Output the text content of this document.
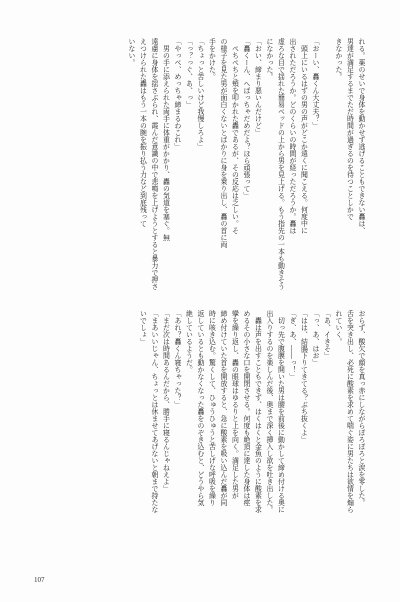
れる。薬のせいで身体を動かせず逃げることもできない轟は、
男達が満足するまでただ時間が過ぎるのを待つことしかで
きなかった。

「おーい、轟くん大丈夫？」
　頭上にいるはずの男の声がどこか遠くに聞こえる。何度中に
出されただろうか。どのくらいの時間が経っただろうか。轟は
虚ろな目で揺れた簡易ベッドの上から男を見上げる。もう指先の一本も動きそう
になかった。
「おい、締まり悪いんだけど」
「轟くーん、へばっちゃだめだよ？ほら頑張って」
　ぺちぺちと頬を叩かれた轟であるが、その反応は乏しい。そ
の様子を見た男が面白くないとばかりに身を乗り出し、轟の首に両
手をかけた。
「ちょっと苦しいけど我慢しろよ」
「っ？っぐ、あ、っ」
「やっべ、めっちゃ締まるわこれ」
　男の手に添えられた両手に体重がかかり、轟の気道を塞ぐ。無
遠慮に身体を揺さぶられ、霞んだ意識の中で悲鳴を上げようとすると暴力で押さ
えつけられた轟はもう一本の腕を振り払う力など到底残って
いない。
おらず、酸欠で顔を真っ赤にしながらぼろぼろと涙を零した。
舌を突き出し、必死に酸素を求めて喘ぐ姿に男たちは欲情を煽ら
れていく。
「あ、イきそ」
「っ、あ、はお」
「はは、結腸下りてきてる？ぶち抜くよ」
「ぎ、あ、――っ！」
　切っ先で腹膜を開いた男は腰を前後に動かして締め付ける奥に
出入りするのを楽しんだ後、奥まで深く挿入し欲を吐き出した。
　轟は声を出すこともできず、はくはくと金魚のように酸素を求
めるその小さな口を開閉させる。何度も絶頂に達した身体は痙
攣を繰り返し、轟の眼球はゆるりと上を向く。満足した男が
締め付けていた首を開放すると、急に酸素を吸い込んだ轟が同
時に咳き込む。驚くして、ひゅうひゅうと苦しげな呼吸を繰り
返しているとも動かなくなった轟をのぞき込むと、どうやら気
絶しているようだ。
「あれ？轟くん寝ちゃった？」
「まだ次は時間あるんだから、勝手に寝るんじゃねえよ」
「まあいいじゃん、ちょっとは休ませてあげないと朝まで持たな
いでしょ」
107
